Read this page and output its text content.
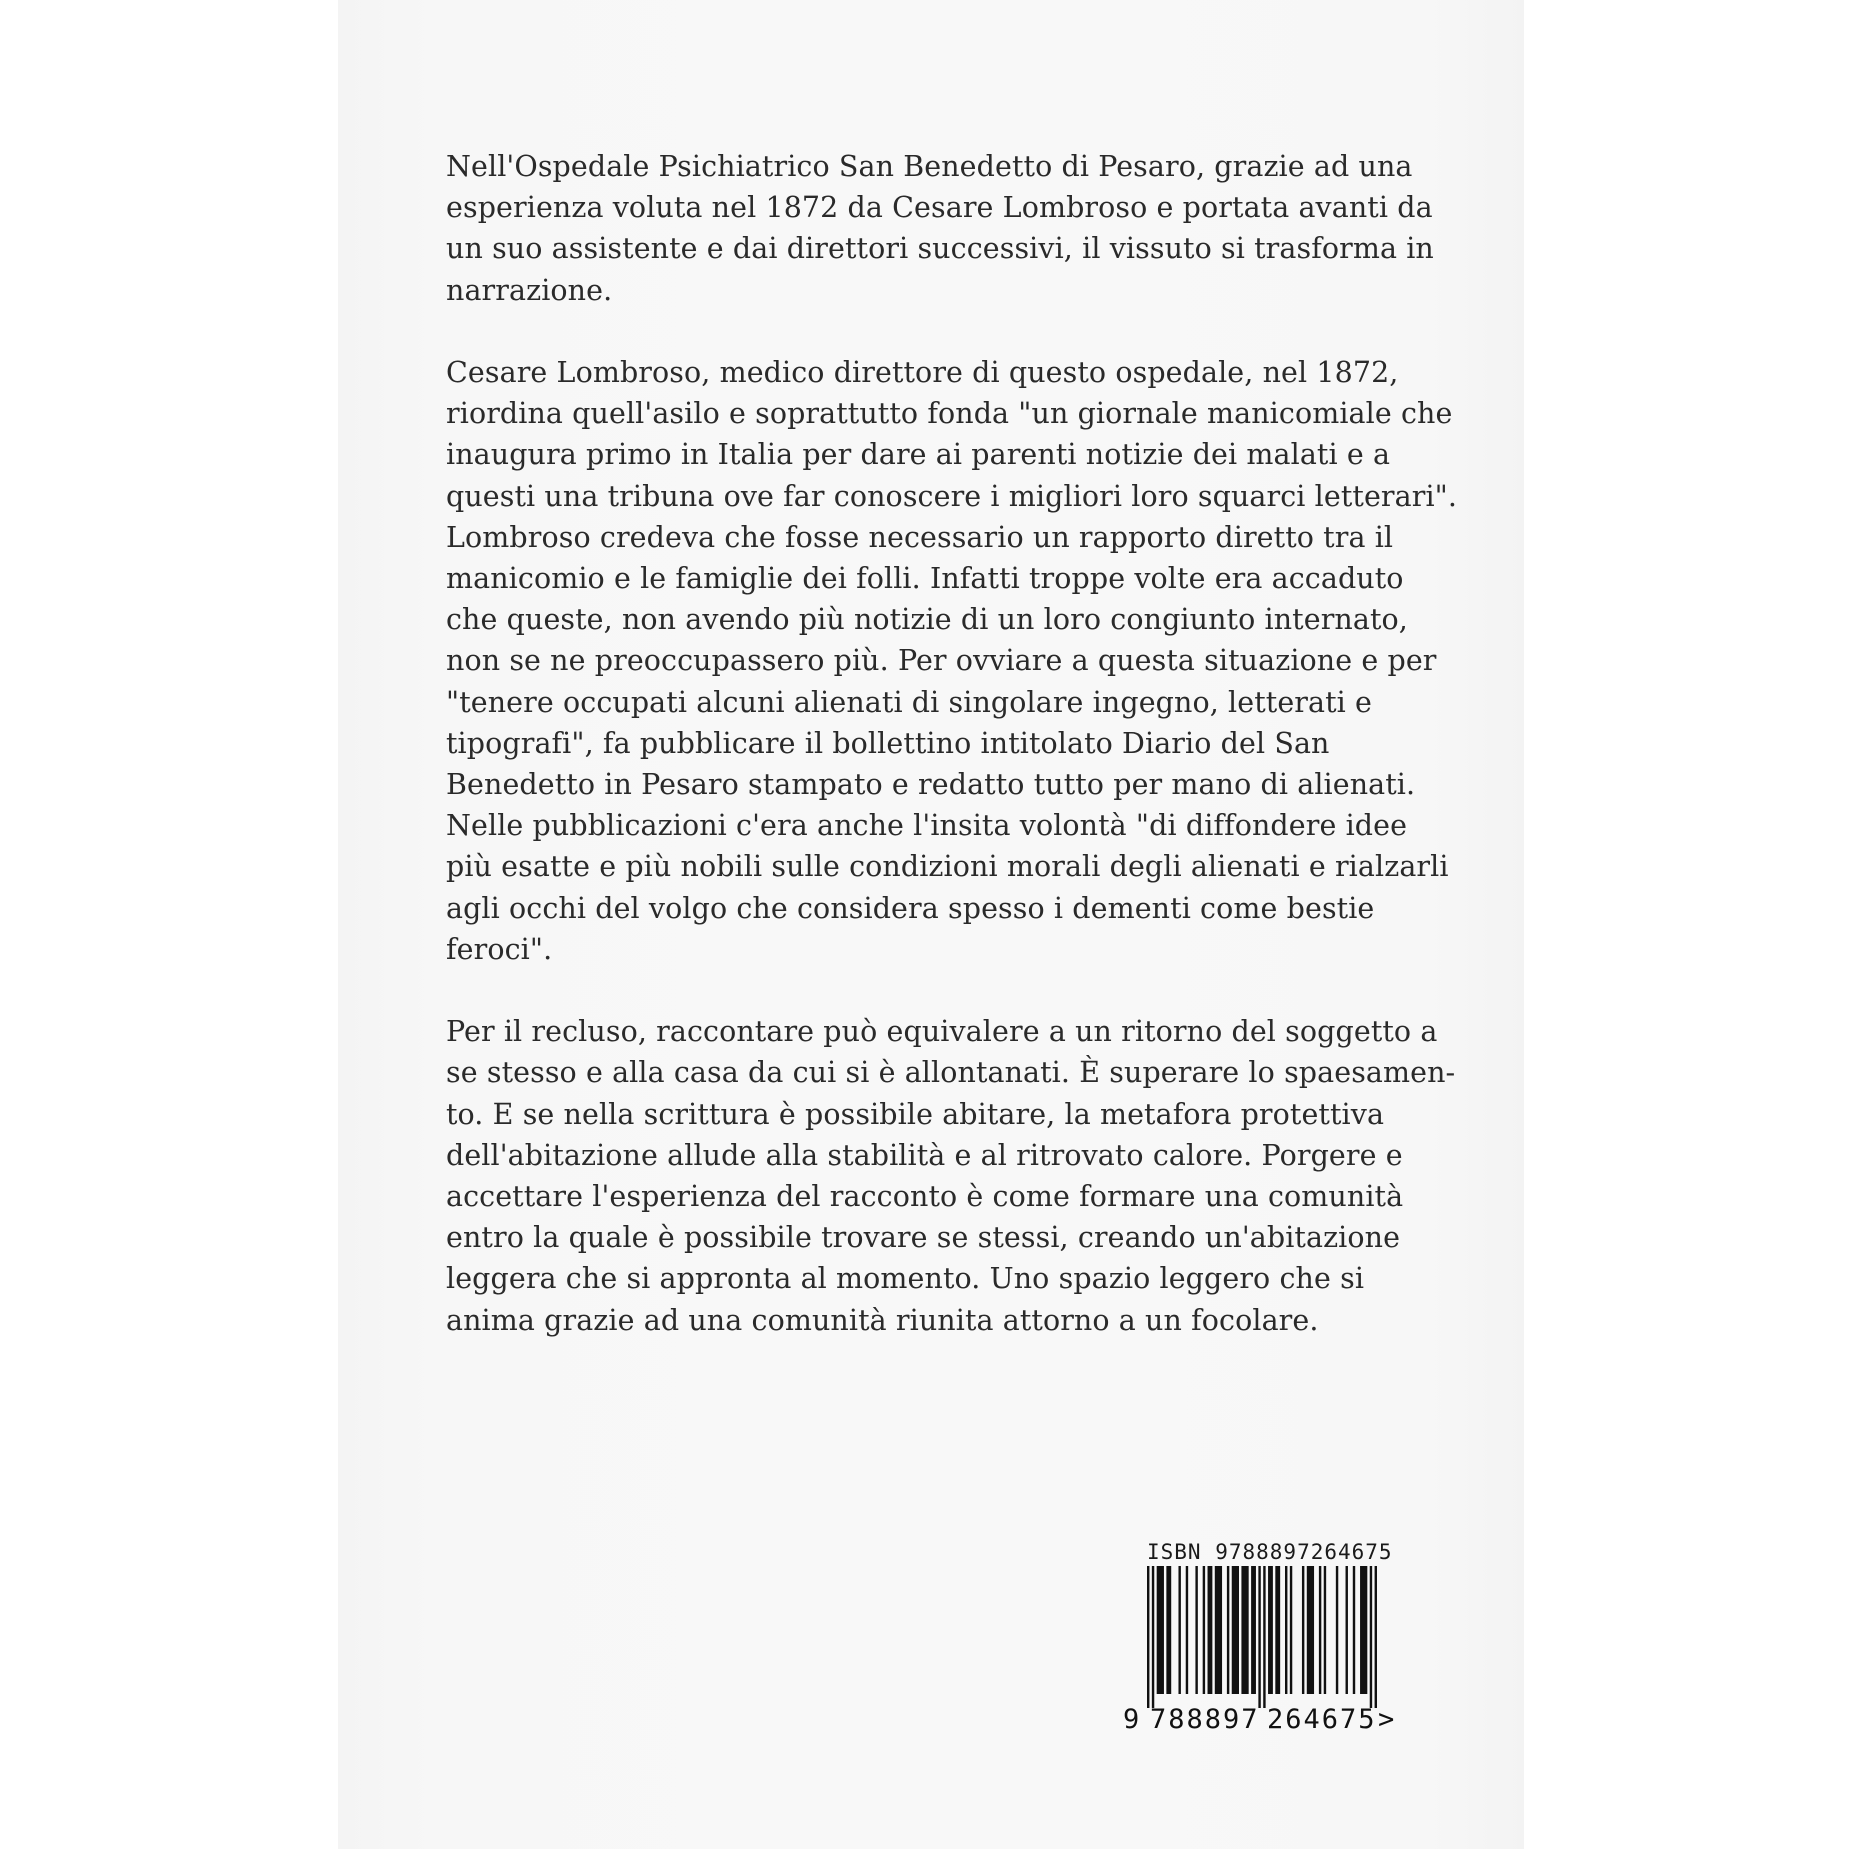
Nell'Ospedale Psichiatrico San Benedetto di Pesaro, grazie ad una
esperienza voluta nel 1872 da Cesare Lombroso e portata avanti da
un suo assistente e dai direttori successivi, il vissuto si trasforma in
narrazione.

Cesare Lombroso, medico direttore di questo ospedale, nel 1872,
riordina quell'asilo e soprattutto fonda "un giornale manicomiale che
inaugura primo in Italia per dare ai parenti notizie dei malati e a
questi una tribuna ove far conoscere i migliori loro squarci letterari".
Lombroso credeva che fosse necessario un rapporto diretto tra il
manicomio e le famiglie dei folli. Infatti troppe volte era accaduto
che queste, non avendo più notizie di un loro congiunto internato,
non se ne preoccupassero più. Per ovviare a questa situazione e per
"tenere occupati alcuni alienati di singolare ingegno, letterati e
tipografi", fa pubblicare il bollettino intitolato Diario del San
Benedetto in Pesaro stampato e redatto tutto per mano di alienati.
Nelle pubblicazioni c'era anche l'insita volontà "di diffondere idee
più esatte e più nobili sulle condizioni morali degli alienati e rialzarli
agli occhi del volgo che considera spesso i dementi come bestie
feroci".

Per il recluso, raccontare può equivalere a un ritorno del soggetto a
se stesso e alla casa da cui si è allontanati. È superare lo spaesamen-
to. E se nella scrittura è possibile abitare, la metafora protettiva
dell'abitazione allude alla stabilità e al ritrovato calore. Porgere e
accettare l'esperienza del racconto è come formare una comunità
entro la quale è possibile trovare se stessi, creando un'abitazione
leggera che si appronta al momento. Uno spazio leggero che si
anima grazie ad una comunità riunita attorno a un focolare.

ISBN 9788897264675
9 788897 264675 >
